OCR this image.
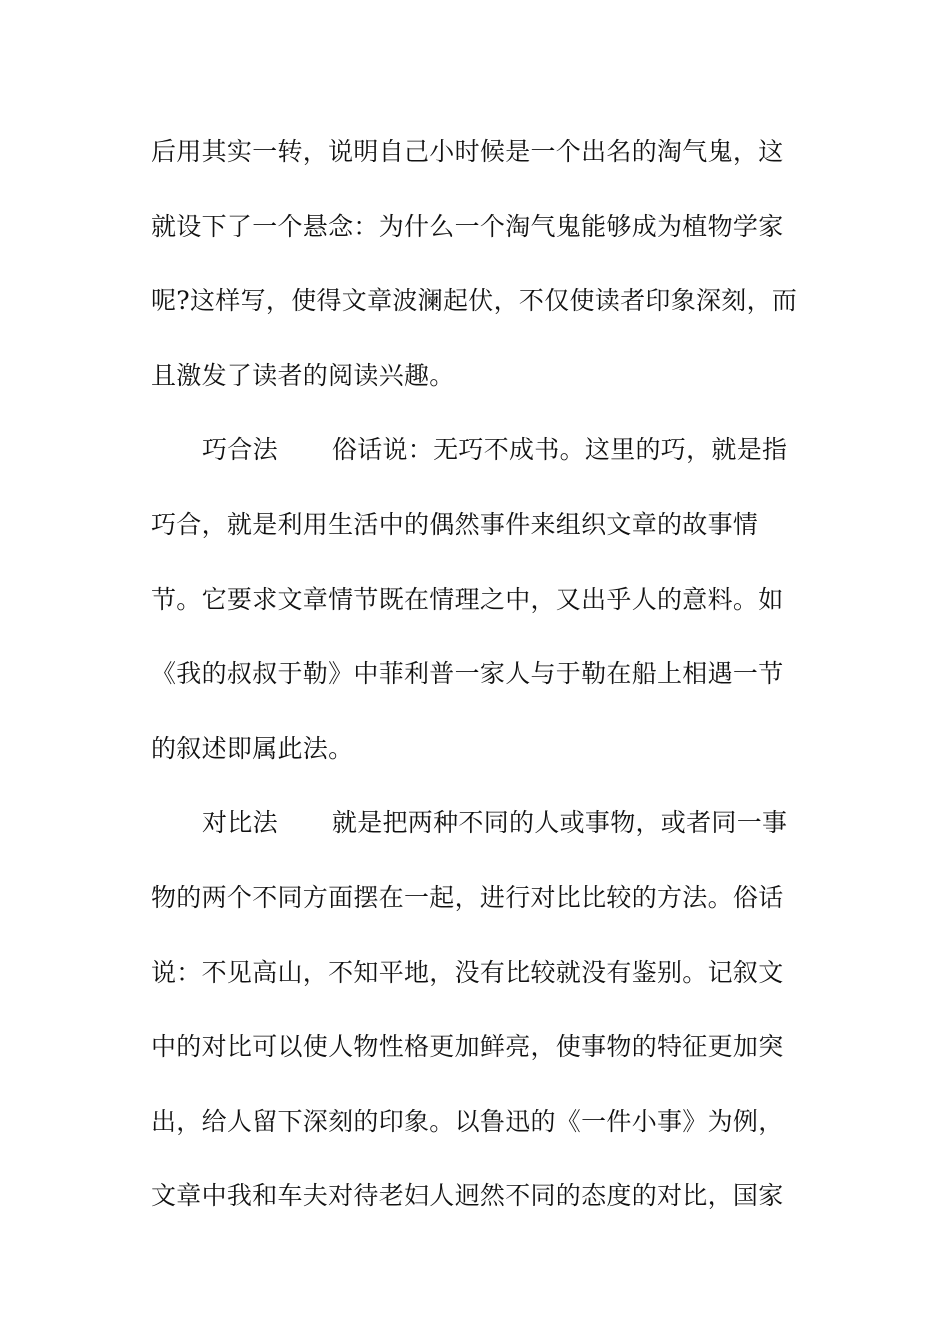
后用其实一转，说明自己小时候是一个出名的淘气鬼，这
就设下了一个悬念：为什么一个淘气鬼能够成为植物学家
呢?这样写，使得文章波澜起伏，不仅使读者印象深刻，而
且激发了读者的阅读兴趣。
巧合法 俗话说：无巧不成书。这里的巧，就是指
巧合，就是利用生活中的偶然事件来组织文章的故事情
节。它要求文章情节既在情理之中，又出乎人的意料。如
《我的叔叔于勒》中菲利普一家人与于勒在船上相遇一节
的叙述即属此法。
对比法 就是把两种不同的人或事物，或者同一事
物的两个不同方面摆在一起，进行对比比较的方法。俗话
说：不见高山，不知平地，没有比较就没有鉴别。记叙文
中的对比可以使人物性格更加鲜亮，使事物的特征更加突
出，给人留下深刻的印象。以鲁迅的《一件小事》为例，
文章中我和车夫对待老妇人迥然不同的态度的对比，国家
